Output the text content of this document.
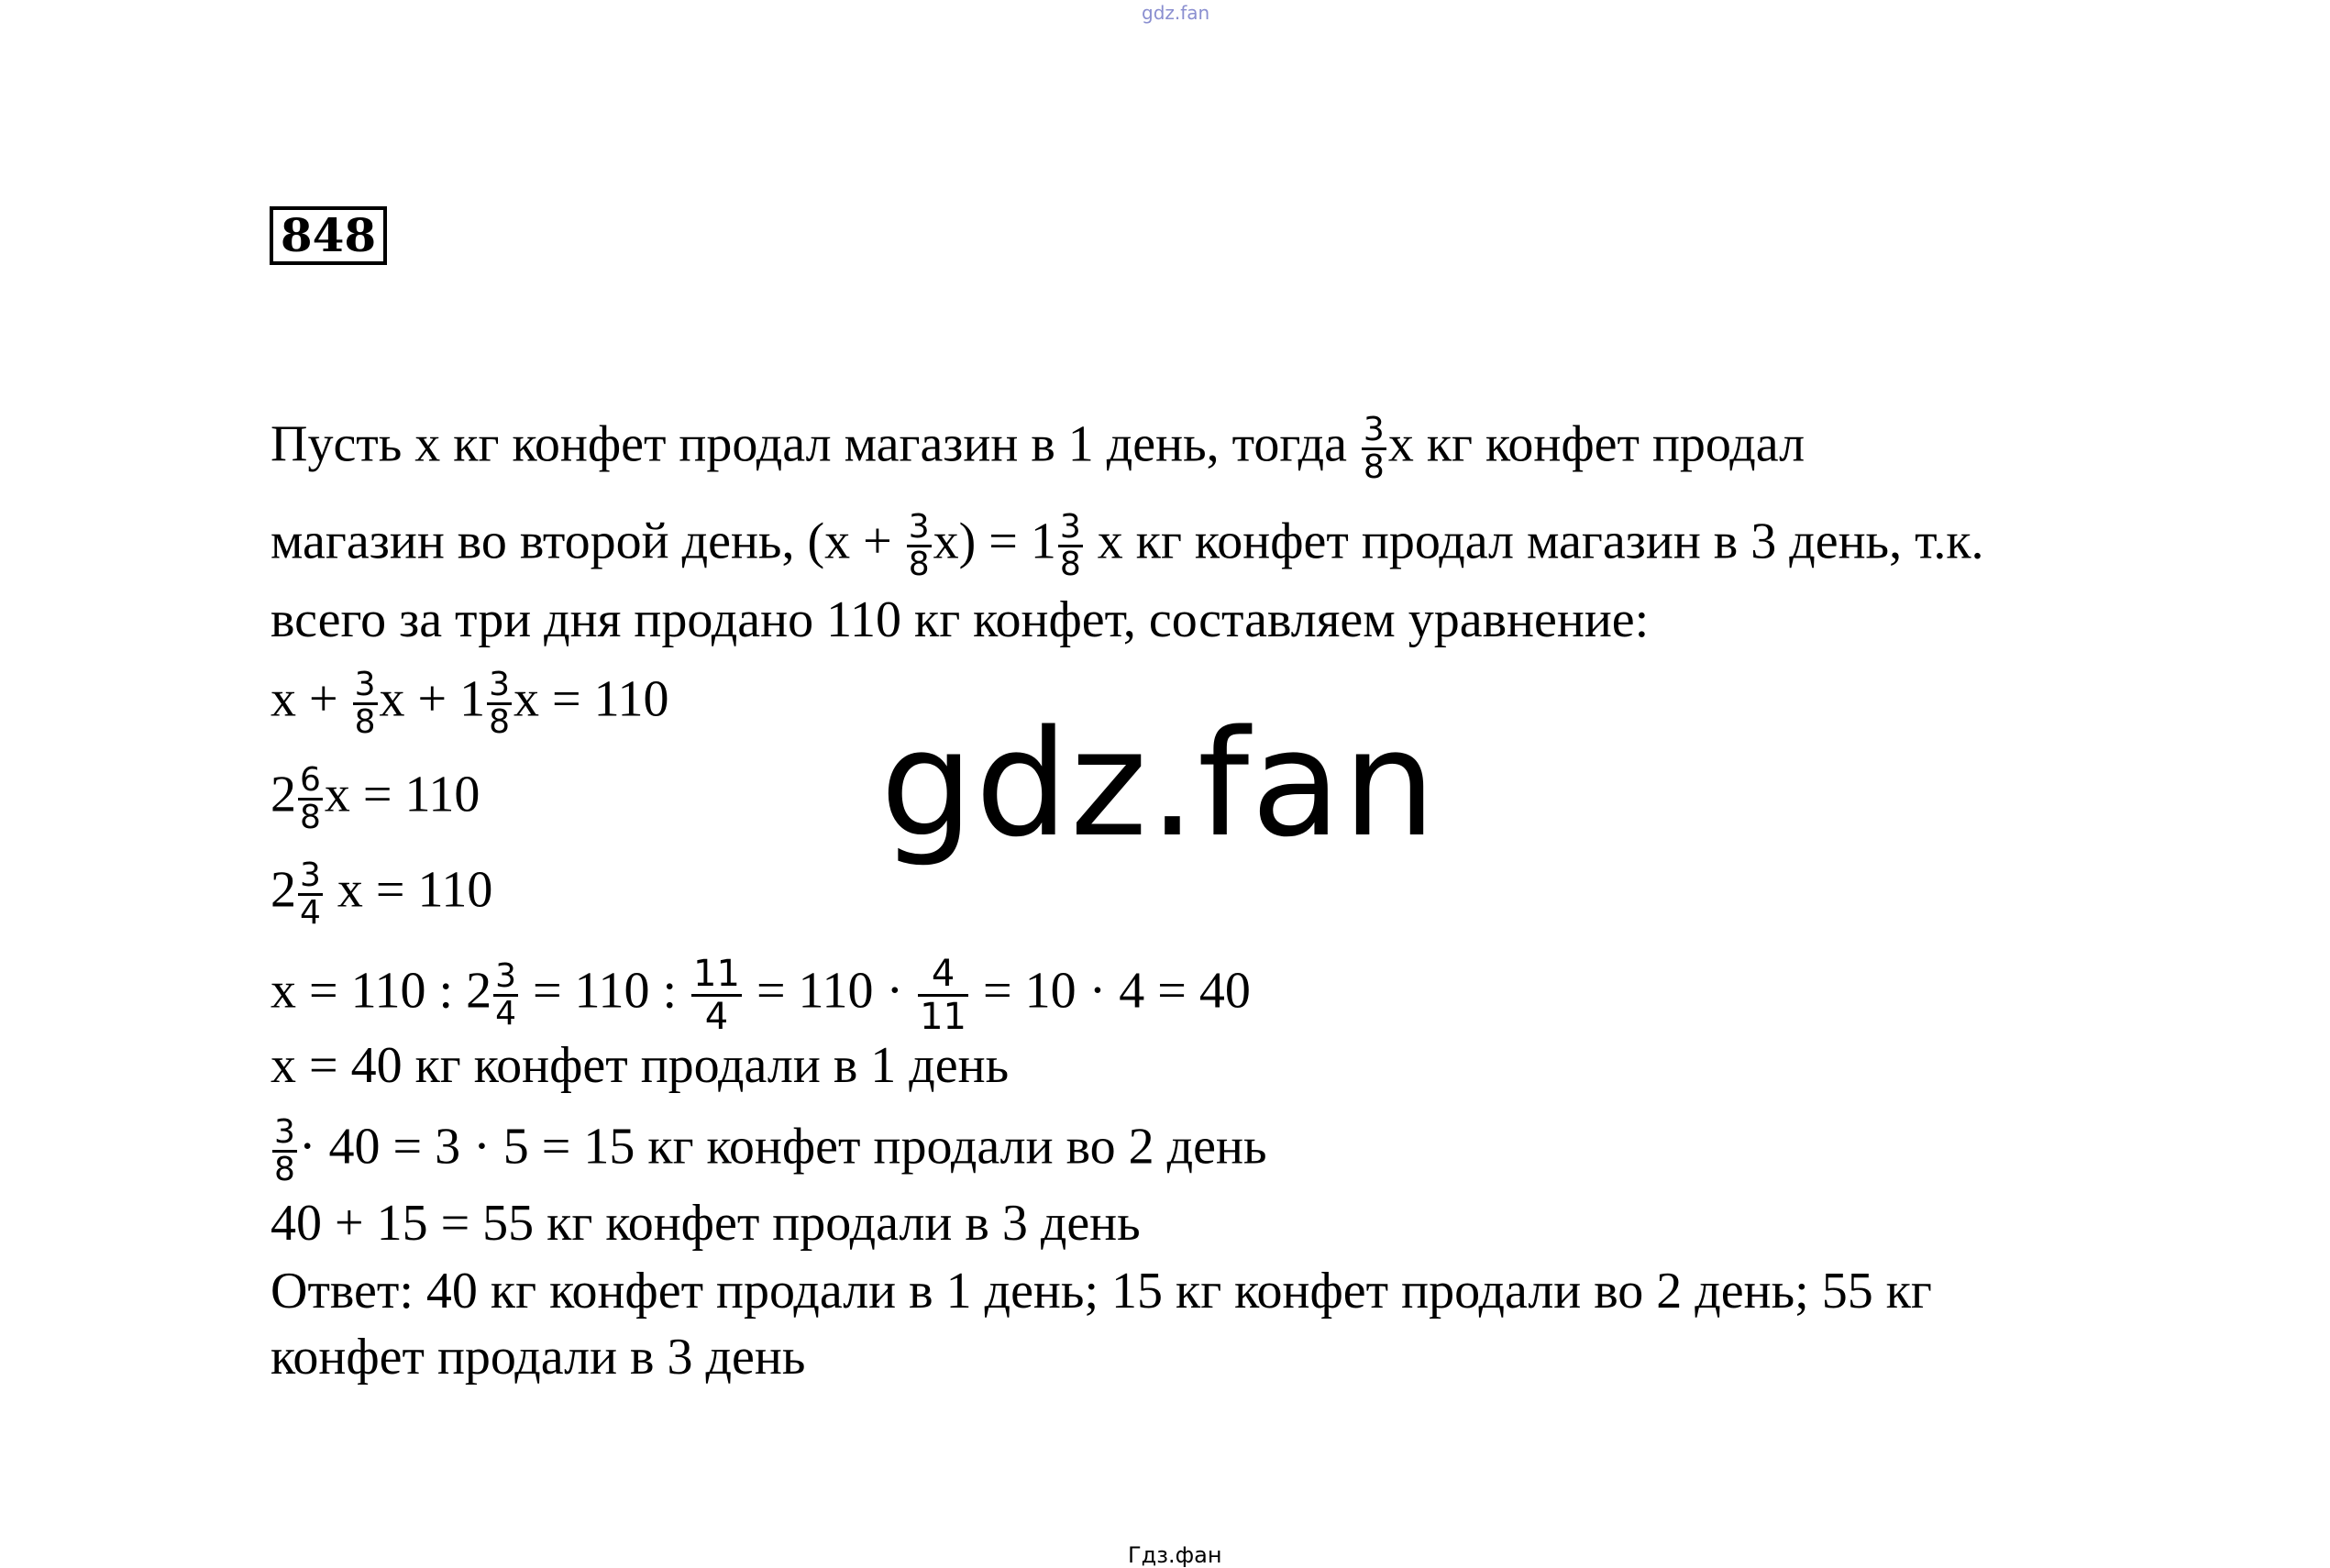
gdz.fan
848
Пусть x кг конфет продал магазин в 1 день, тогда $\frac{3}{8}$ x кг конфет продал
магазин во второй день, $(x + \frac{3}{8} x) = 1 \frac{3}{8}$ x кг конфет продал магазин в 3 день, т.к.
всего за три дня продано 110 кг конфет, составляем уравнение:
$x + \frac{3}{8}$ $x + 1 \frac{3}{8}$ x = 110
$2 \frac{6}{8}$ x = 110
$2 \frac{3}{4}$ x = 110
x = 110 : $2 \frac{3}{4} = 110$ : $\frac{11}{4} = 110 \cdot \frac{4}{11} = 10 \cdot 4 = 40$
x = 40 кг конфет продали в 1 день
$\frac{3}{8} \cdot 40 = 3 \cdot 5 = 15$ кг конфет продали во 2 день
40 + 15 = 55 кг конфет продали в 3 день
Ответ: 40 кг конфет продали в 1 день; 15 кг конфет продали во 2 день; 55 кг
конфет продали в 3 день
gdz.fan
Гдз.фан
